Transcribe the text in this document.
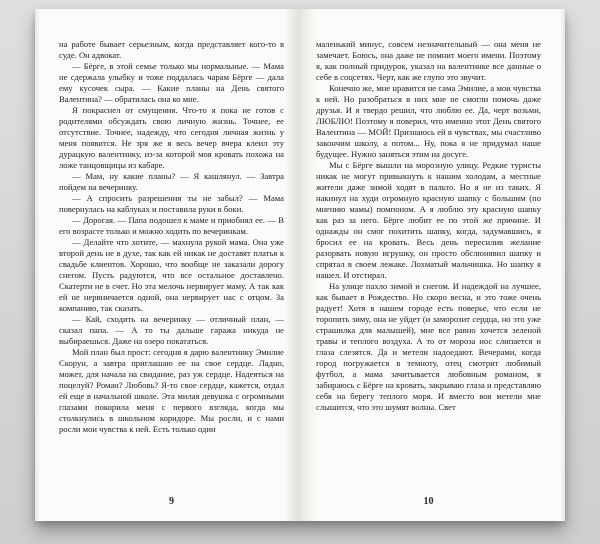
на работе бывает серьезным, когда представляет кого-то в суде. Он адвокат.

— Бёрге, в этой семье только мы нормальные. — Мама не сдержала улыбку и тоже поддалась чарам Бёрге — дала ему кусочек сыра. — Какие планы на День святого Валентина? — обратилась она ко мне.

Я покраснел от смущения. Что-то я пока не готов с родителями обсуждать свою личную жизнь. Точнее, ее отсутствие. Точнее, надежду, что сегодня личная жизнь у меня появится. Не зря же я весь вечер вчера клеил эту дурацкую валентинку, из-за которой моя кровать похожа на ложе танцовщицы из кабаре.

— Мам, ну какие планы? — Я кашлянул. — Завтра пойдем на вечеринку.

— А спросить разрешения ты не забыл? — Мама повернулась на каблуках и поставила руки в боки.

— Дорогая. — Папа подошел к маме и приобнял ее. — В его возрасте только и можно ходить по вечеринкам.

— Делайте что хотите, — махнула рукой мама. Она уже второй день не в духе, так как ей никак не доставят платья к свадьбе клиентов. Хорошо, что вообще не заказали дорогу снегом. Пусть радуются, что все остальное доставлено. Скатерти не в счет. Но эта мелочь нервирует маму. А так как ей не нервничается одной, она нервирует нас с отцом. За компанию, так сказать.

— Кай, сходить на вечеринку — отличный план, — сказал папа. — А то ты дальше гаража никуда не выбираешься. Даже на озеро покататься.

Мой план был прост: сегодня я дарю валентинку Эмилие Скорун, а завтра приглашаю ее на свое сердце. Ладно, может, для начала на свидание, раз уж сердце. Надеяться на поцелуй? Роман? Любовь? Я-то свое сердце, кажется, отдал ей еще в начальной школе. Эта милая девушка с огромными глазами покорила меня с первого взгляда, когда мы столкнулись в школьном коридоре. Мы росли, и с нами росли мои чувства к ней. Есть только один

9

маленький минус, совсем незначительный — она меня не замечает. Боюсь, она даже не помнит моего имени. Поэтому я, как полный придурок, указал на валентинке все данные о себе в соцсетях. Черт, как же глупо это звучит.

Конечно же, мне нравится не сама Эмилие, а мои чувства к ней. Но разобраться в них мне не смогли помочь даже друзья. И я твердо решил, что люблю ее. Да, черт возьми, ЛЮБЛЮ! Поэтому я поверил, что именно этот День святого Валентина — МОЙ! Признаюсь ей в чувствах, мы счастливо закончим школу, а потом... Ну, пока я не придумал наше будущее. Нужно заняться этим на досуге.

Мы с Бёрге вышли на морозную улицу. Редкие туристы никак не могут привыкнуть к нашим холодам, а местные жители даже зимой ходят в пальто. Но я не из таких. Я накинул на худи огромную красную шапку с большим (по мнению мамы) помпоном. А я люблю эту красную шапку как раз за него. Бёрге любит ее по этой же причине. И однажды он смог похитить шапку, когда, задумавшись, я бросил ее на кровать. Весь день пересилив желание разорвать новую игрушку, он просто обслюнявил шапку и спрятал в своем лежаке. Лохматый мальчишка. Но шапку я нашел. И отстирал.

На улице пахло зимой и снегом. И надеждой на лучшее, как бывает в Рождество. Но скоро весна, и это тоже очень радует! Хотя в нашем городе есть поверье, что если не торопить зиму, она не уйдет (и заморозит сердца, но это уже страшилка для малышей), мне все равно хочется зеленой травы и теплого воздуха. А то от мороза нос слипается и глаза слезятся. Да и метели надоедают. Вечерами, когда город погружается в темноту, отец смотрит любимый футбол, а мама зачитывается любовным романом, я забираюсь с Бёрге на кровать, закрываю глаза и представляю себя на берегу теплого моря. И вместо воя метели мне слышится, что это шумят волны. Свет

10
